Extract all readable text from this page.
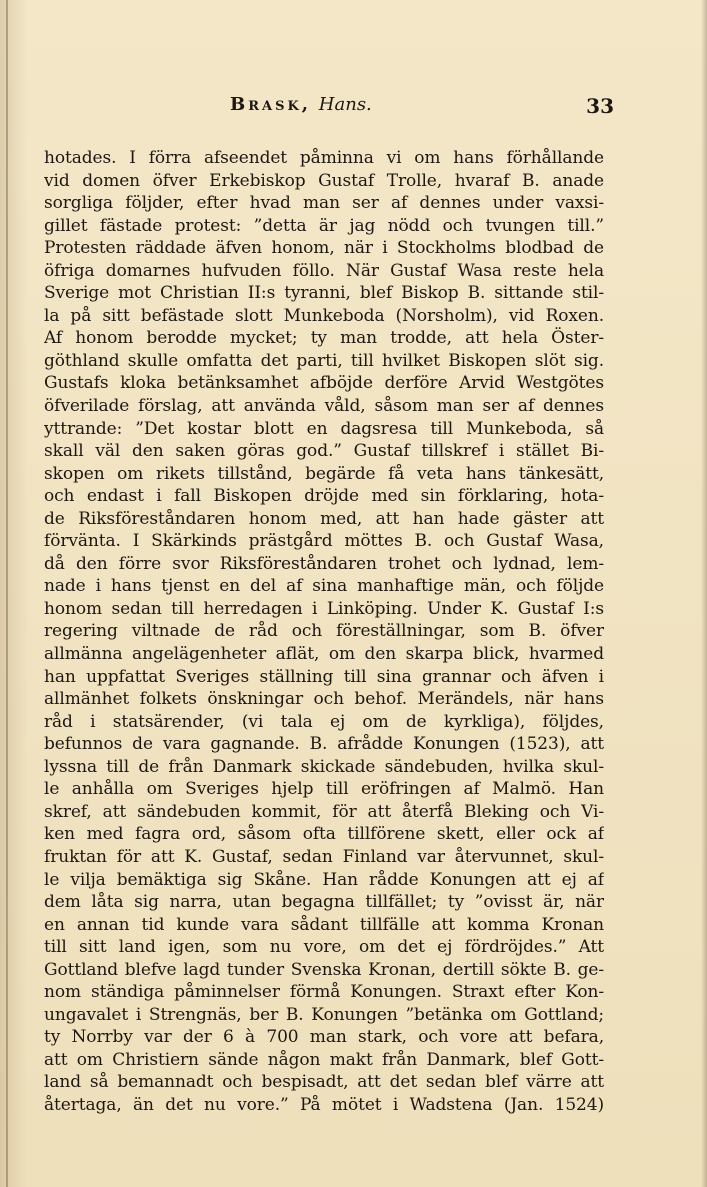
Brask, Hans.	33
hotades. I förra afseendet påminna vi om hans förhållande
vid domen öfver Erkebiskop Gustaf Trolle, hvaraf B. anade
sorgliga följder, efter hvad man ser af dennes under vaxsi-
gillet fästade protest: ”detta är jag nödd och tvungen till.”
Protesten räddade äfven honom, när i Stockholms blodbad de
öfriga domarnes hufvuden föllo. När Gustaf Wasa reste hela
Sverige mot Christian II:s tyranni, blef Biskop B. sittande stil-
la på sitt befästade slott Munkeboda (Norsholm), vid Roxen.
Af honom berodde mycket; ty man trodde, att hela Öster-
göthland skulle omfatta det parti, till hvilket Biskopen slöt sig.
Gustafs kloka betänksamhet afböjde derföre Arvid Westgötes
öfverilade förslag, att använda våld, såsom man ser af dennes
yttrande: ”Det kostar blott en dagsresa till Munkeboda, så
skall väl den saken göras god.” Gustaf tillskref i stället Bi-
skopen om rikets tillstånd, begärde få veta hans tänkesätt,
och endast i fall Biskopen dröjde med sin förklaring, hota-
de Riksföreståndaren honom med, att han hade gäster att
förvänta. I Skärkinds prästgård möttes B. och Gustaf Wasa,
då den förre svor Riksföreståndaren trohet och lydnad, lem-
nade i hans tjenst en del af sina manhaftige män, och följde
honom sedan till herredagen i Linköping. Under K. Gustaf I:s
regering viltnade de råd och föreställningar, som B. öfver
allmänna angelägenheter aflät, om den skarpa blick, hvarmed
han uppfattat Sveriges ställning till sina grannar och äfven i
allmänhet folkets önskningar och behof. Merändels, när hans
råd i statsärender, (vi tala ej om de kyrkliga), följdes,
befunnos de vara gagnande. B. afrådde Konungen (1523), att
lyssna till de från Danmark skickade sändebuden, hvilka skul-
le anhålla om Sveriges hjelp till eröfringen af Malmö. Han
skref, att sändebuden kommit, för att återfå Bleking och Vi-
ken med fagra ord, såsom ofta tillförene skett, eller ock af
fruktan för att K. Gustaf, sedan Finland var återvunnet, skul-
le vilja bemäktiga sig Skåne. Han rådde Konungen att ej af
dem låta sig narra, utan begagna tillfället; ty ”ovisst är, när
en annan tid kunde vara sådant tillfälle att komma Kronan
till sitt land igen, som nu vore, om det ej fördröjdes.” Att
Gottland blefve lagd tunder Svenska Kronan, dertill sökte B. ge-
nom ständiga påminnelser förmå Konungen. Straxt efter Kon-
ungavalet i Strengnäs, ber B. Konungen ”betänka om Gottland;
ty Norrby var der 6 à 700 man stark, och vore att befara,
att om Christiern sände någon makt från Danmark, blef Gott-
land så bemannadt och bespisadt, att det sedan blef värre att
återtaga, än det nu vore.” På mötet i Wadstena (Jan. 1524)
